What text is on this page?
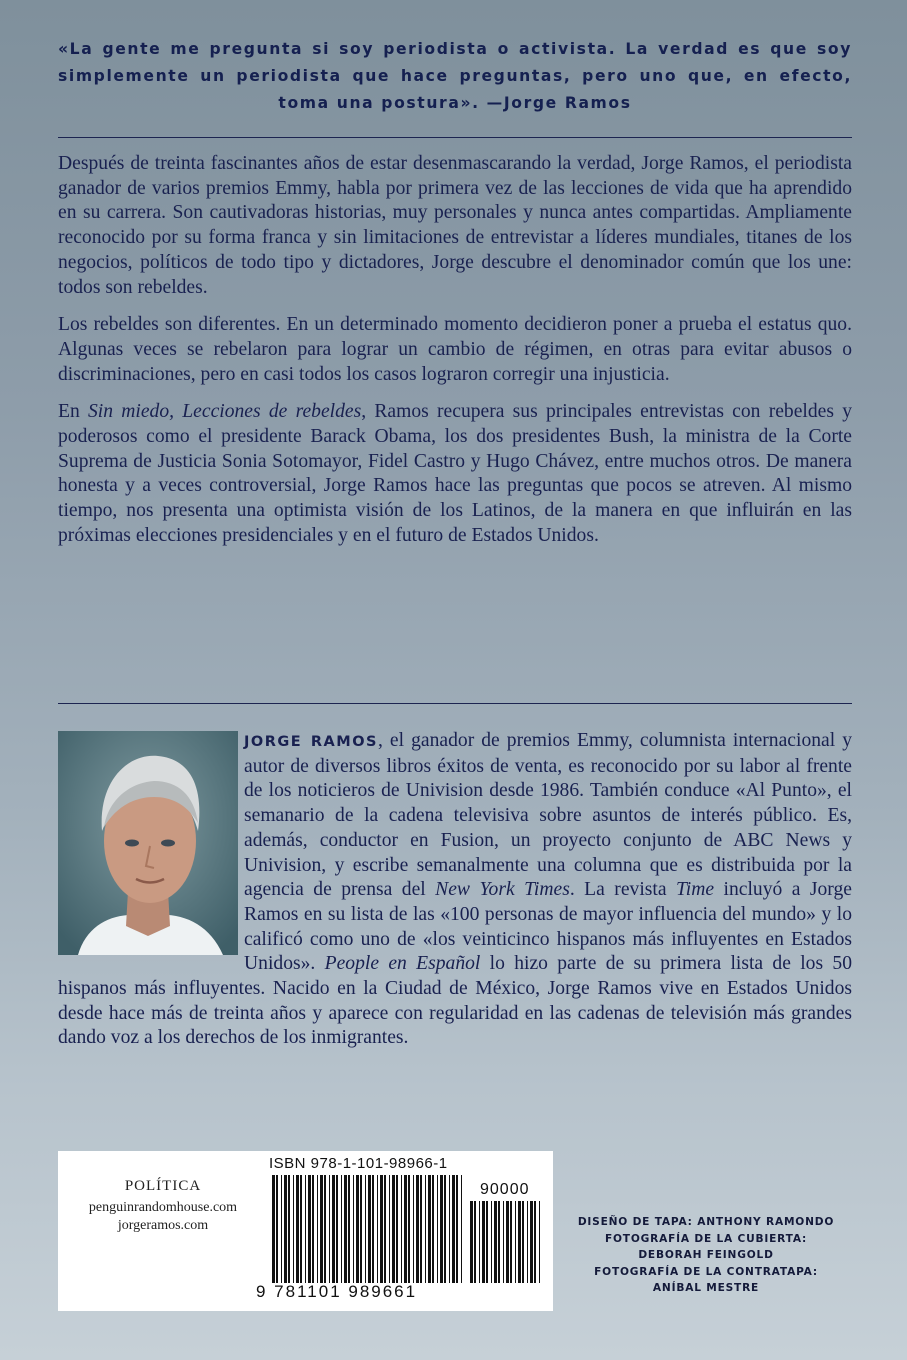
«La gente me pregunta si soy periodista o activista. La verdad es que soy simplemente un periodista que hace preguntas, pero uno que, en efecto, toma una postura». —Jorge Ramos

Después de treinta fascinantes años de estar desenmascarando la verdad, Jorge Ramos, el periodista ganador de varios premios Emmy, habla por primera vez de las lecciones de vida que ha aprendido en su carrera. Son cautivadoras historias, muy personales y nunca antes compartidas. Ampliamente reconocido por su forma franca y sin limitaciones de entrevistar a líderes mundiales, titanes de los negocios, políticos de todo tipo y dictadores, Jorge descubre el denominador común que los une: todos son rebeldes.

Los rebeldes son diferentes. En un determinado momento decidieron poner a prueba el estatus quo. Algunas veces se rebelaron para lograr un cambio de régimen, en otras para evitar abusos o discriminaciones, pero en casi todos los casos lograron corregir una injusticia.

En Sin miedo, Lecciones de rebeldes, Ramos recupera sus principales entrevistas con rebeldes y poderosos como el presidente Barack Obama, los dos presidentes Bush, la ministra de la Corte Suprema de Justicia Sonia Sotomayor, Fidel Castro y Hugo Chávez, entre muchos otros. De manera honesta y a veces controversial, Jorge Ramos hace las preguntas que pocos se atreven. Al mismo tiempo, nos presenta una optimista visión de los Latinos, de la manera en que influirán en las próximas elecciones presidenciales y en el futuro de Estados Unidos.

JORGE RAMOS, el ganador de premios Emmy, columnista internacional y autor de diversos libros éxitos de venta, es reconocido por su labor al frente de los noticieros de Univision desde 1986. También conduce «Al Punto», el semanario de la cadena televisiva sobre asuntos de interés público. Es, además, conductor en Fusion, un proyecto conjunto de ABC News y Univision, y escribe semanalmente una columna que es distribuida por la agencia de prensa del New York Times. La revista Time incluyó a Jorge Ramos en su lista de las «100 personas de mayor influencia del mundo» y lo calificó como uno de «los veinticinco hispanos más influyentes en Estados Unidos». People en Español lo hizo parte de su primera lista de los 50 hispanos más influyentes. Nacido en la Ciudad de México, Jorge Ramos vive en Estados Unidos desde hace más de treinta años y aparece con regularidad en las cadenas de televisión más grandes dando voz a los derechos de los inmigrantes.
POLÍTICA
penguinrandomhouse.com
jorgeramos.com
ISBN 978-1-101-98966-1
90000
9 781101 989661
DISEÑO DE TAPA: ANTHONY RAMONDO
FOTOGRAFÍA DE LA CUBIERTA:
DEBORAH FEINGOLD
FOTOGRAFÍA DE LA CONTRATAPA:
ANÍBAL MESTRE
